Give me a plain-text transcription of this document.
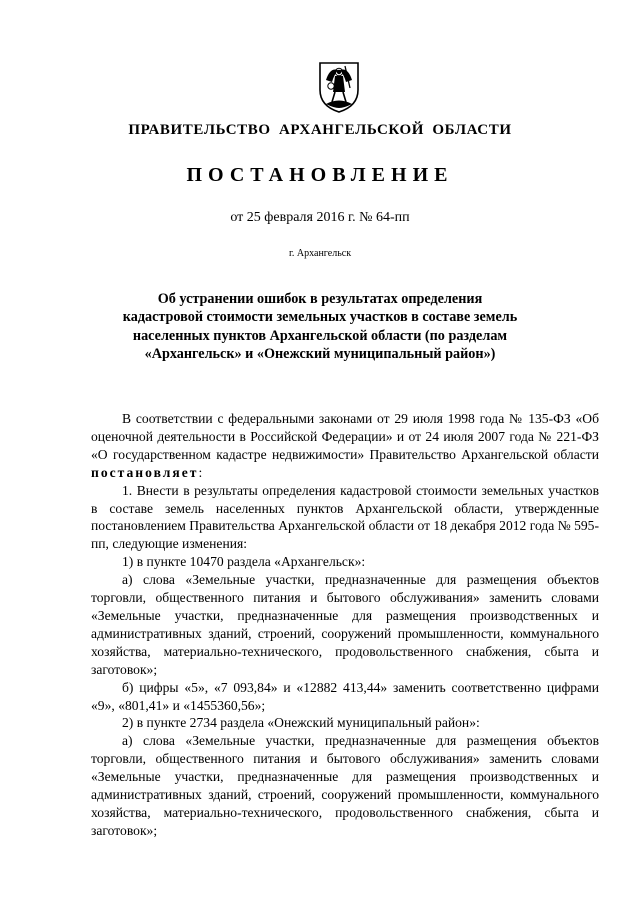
ПРАВИТЕЛЬСТВО АРХАНГЕЛЬСКОЙ ОБЛАСТИ
ПОСТАНОВЛЕНИЕ
от 25 февраля 2016 г. № 64-пп
г. Архангельск
Об устранении ошибок в результатах определения
кадастровой стоимости земельных участков в составе земель
населенных пунктов Архангельской области (по разделам
«Архангельск» и «Онежский муниципальный район»)

В соответствии с федеральными законами от 29 июля 1998 года № 135-ФЗ «Об оценочной деятельности в Российской Федерации» и от 24 июля 2007 года № 221-ФЗ «О государственном кадастре недвижимости» Правительство Архангельской области постановляет:

1. Внести в результаты определения кадастровой стоимости земельных участков в составе земель населенных пунктов Архангельской области, утвержденные постановлением Правительства Архангельской области от 18 декабря 2012 года № 595-пп, следующие изменения:

1) в пункте 10470 раздела «Архангельск»:

а) слова «Земельные участки, предназначенные для размещения объектов торговли, общественного питания и бытового обслуживания» заменить словами «Земельные участки, предназначенные для размещения производственных и административных зданий, строений, сооружений промышленности, коммунального хозяйства, материально-технического, продовольственного снабжения, сбыта и заготовок»;

б) цифры «5», «7 093,84» и «12882 413,44» заменить соответственно цифрами «9», «801,41» и «1455360,56»;

2) в пункте 2734 раздела «Онежский муниципальный район»:

а) слова «Земельные участки, предназначенные для размещения объектов торговли, общественного питания и бытового обслуживания» заменить словами «Земельные участки, предназначенные для размещения производственных и административных зданий, строений, сооружений промышленности, коммунального хозяйства, материально-технического, продовольственного снабжения, сбыта и заготовок»;
